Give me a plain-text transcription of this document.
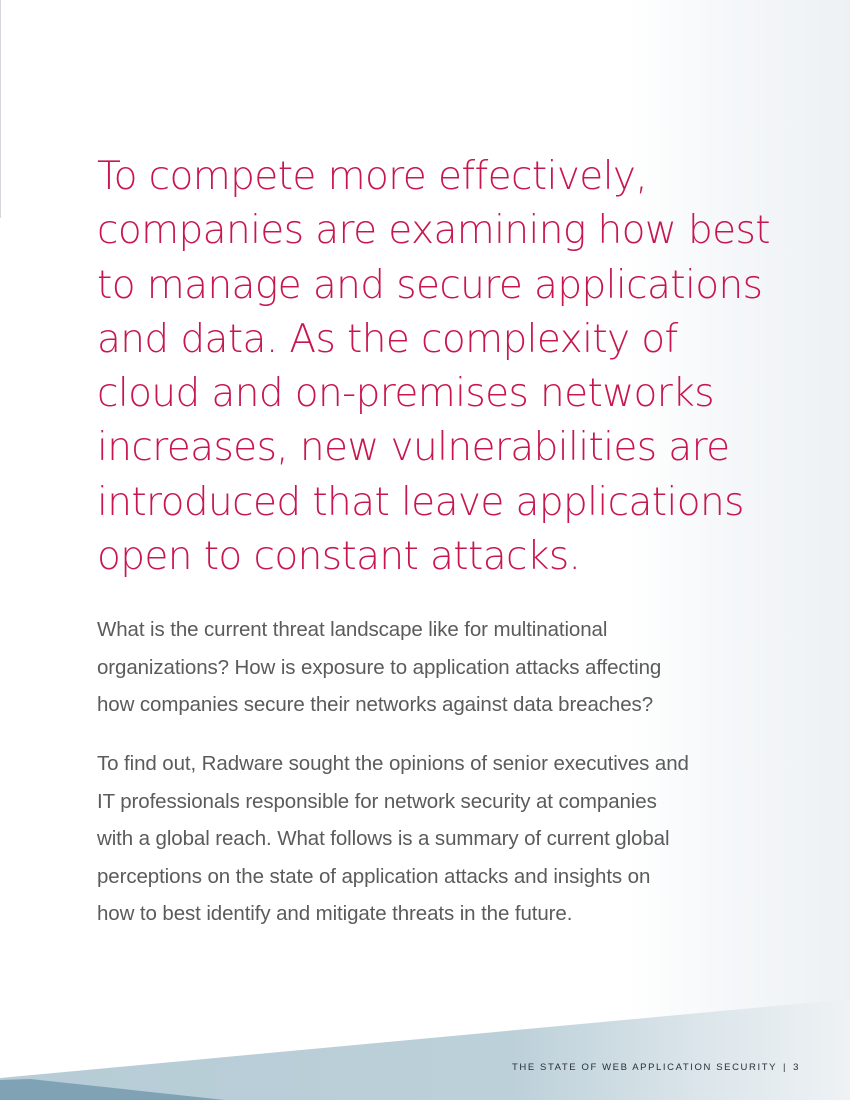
To compete more effectively,
companies are examining how best
to manage and secure applications
and data. As the complexity of
cloud and on-premises networks
increases, new vulnerabilities are
introduced that leave applications
open to constant attacks.

What is the current threat landscape like for multinational
organizations? How is exposure to application attacks affecting
how companies secure their networks against data breaches?

To find out, Radware sought the opinions of senior executives and
IT professionals responsible for network security at companies
with a global reach. What follows is a summary of current global
perceptions on the state of application attacks and insights on
how to best identify and mitigate threats in the future.

THE STATE OF WEB APPLICATION SECURITY | 3
